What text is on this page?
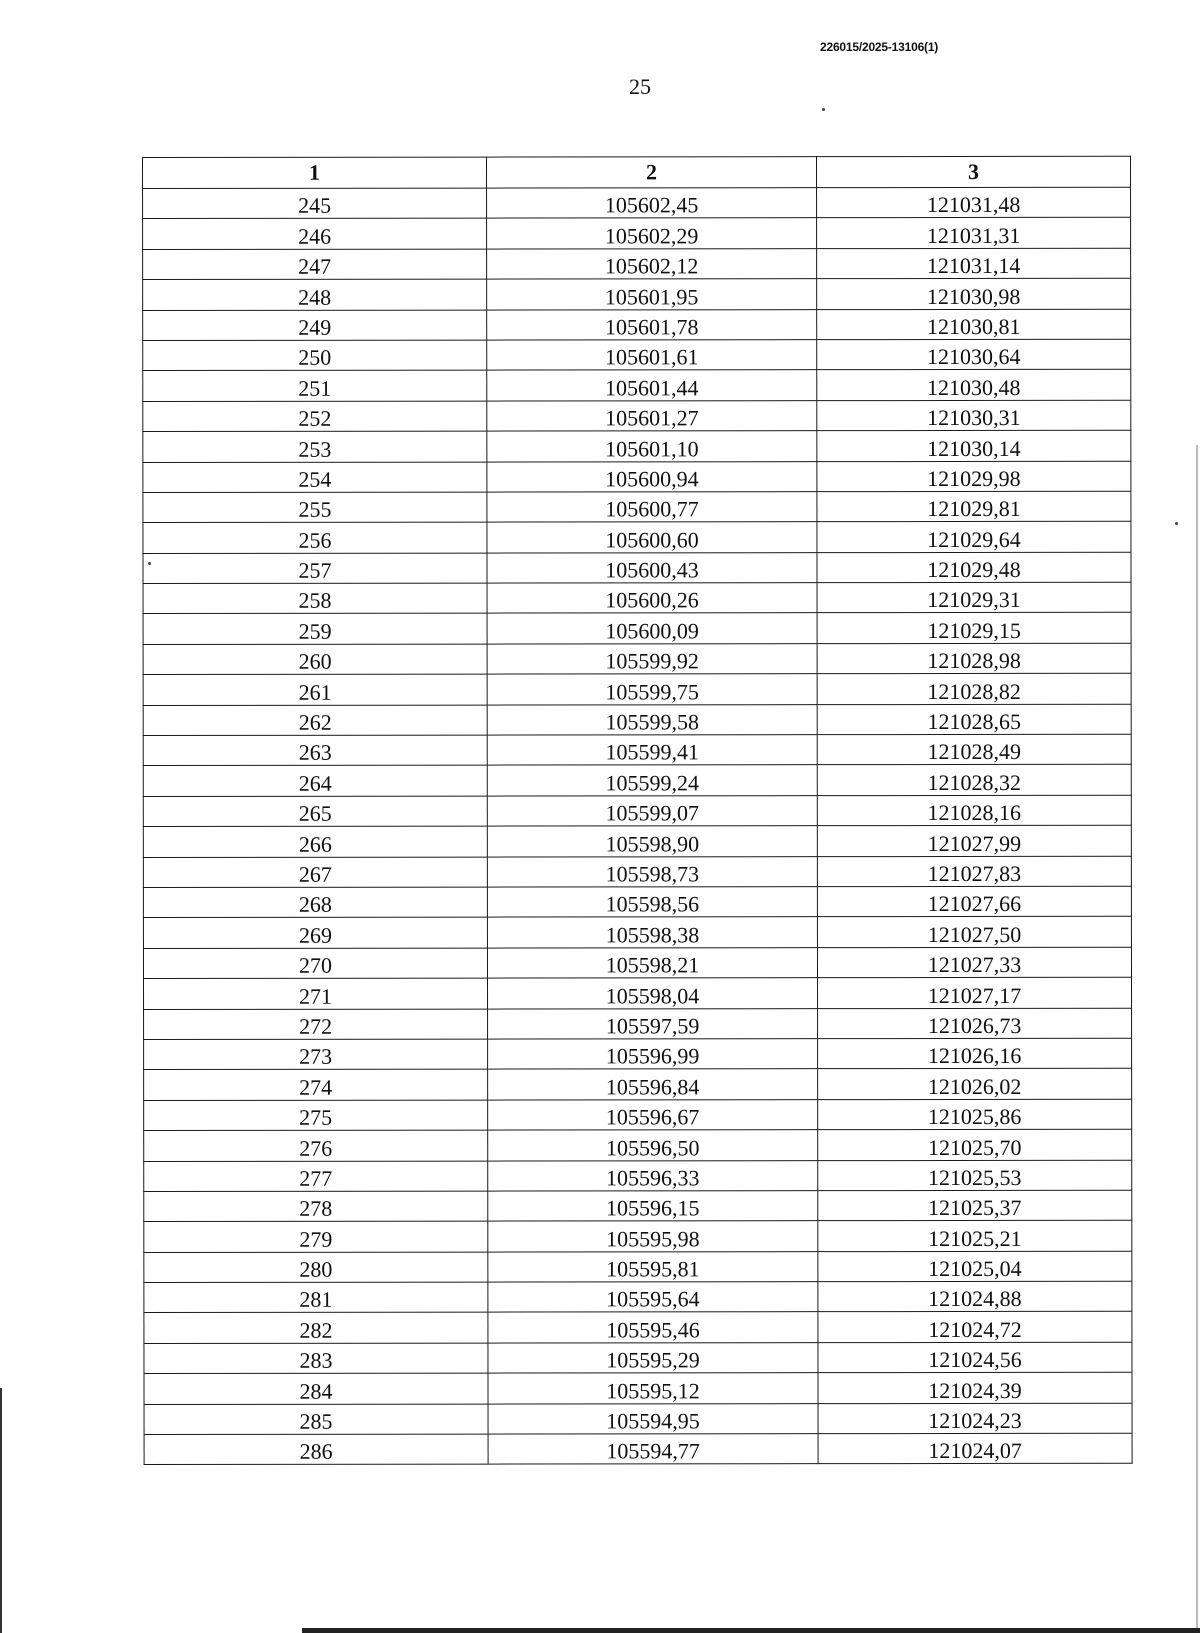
226015/2025-13106(1)
25
1	2	3
245	105602,45	121031,48
246	105602,29	121031,31
247	105602,12	121031,14
248	105601,95	121030,98
249	105601,78	121030,81
250	105601,61	121030,64
251	105601,44	121030,48
252	105601,27	121030,31
253	105601,10	121030,14
254	105600,94	121029,98
255	105600,77	121029,81
256	105600,60	121029,64
257	105600,43	121029,48
258	105600,26	121029,31
259	105600,09	121029,15
260	105599,92	121028,98
261	105599,75	121028,82
262	105599,58	121028,65
263	105599,41	121028,49
264	105599,24	121028,32
265	105599,07	121028,16
266	105598,90	121027,99
267	105598,73	121027,83
268	105598,56	121027,66
269	105598,38	121027,50
270	105598,21	121027,33
271	105598,04	121027,17
272	105597,59	121026,73
273	105596,99	121026,16
274	105596,84	121026,02
275	105596,67	121025,86
276	105596,50	121025,70
277	105596,33	121025,53
278	105596,15	121025,37
279	105595,98	121025,21
280	105595,81	121025,04
281	105595,64	121024,88
282	105595,46	121024,72
283	105595,29	121024,56
284	105595,12	121024,39
285	105594,95	121024,23
286	105594,77	121024,07
